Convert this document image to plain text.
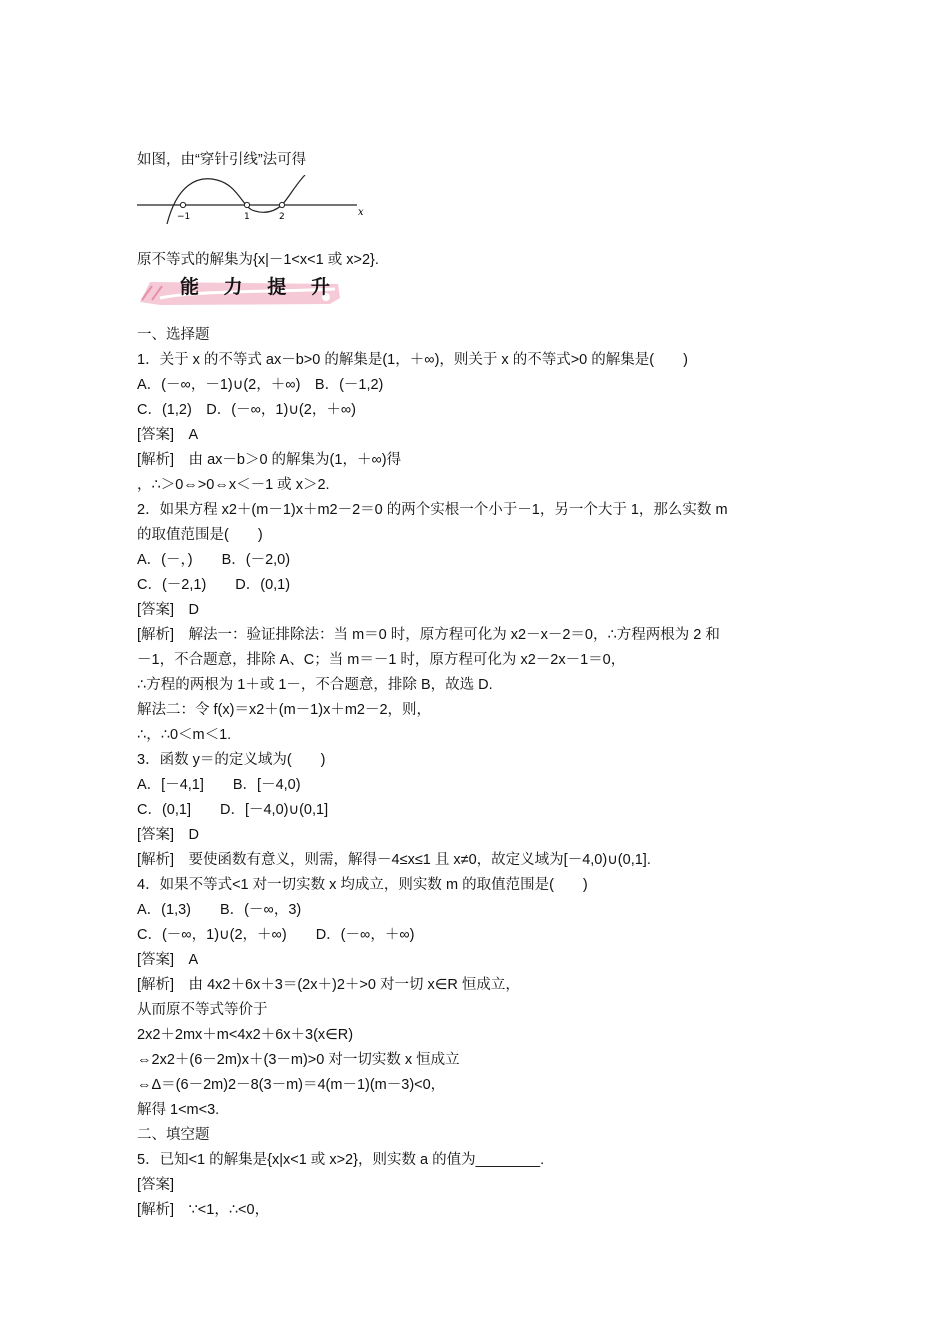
如图，由“穿针引线”法可得
−1	1	2	x
原不等式的解集为{x|－1<x<1 或 x>2}.
能 力 提 升
一、选择题
1．关于 x 的不等式 ax－b>0 的解集是(1，＋∞)，则关于 x 的不等式>0 的解集是(　　)
A．(－∞，－1)∪(2，＋∞)　B．(－1,2)
C．(1,2)　D．(－∞，1)∪(2，＋∞)
[答案]　A
[解析]　由 ax－b＞0 的解集为(1，＋∞)得
，∴＞0⇔>0⇔x＜－1 或 x＞2.
2．如果方程 x2＋(m－1)x＋m2－2＝0 的两个实根一个小于－1，另一个大于 1，那么实数 m
的取值范围是(　　)
A．(－，)　　B．(－2,0)
C．(－2,1)　　D．(0,1)
[答案]　D
[解析]　解法一：验证排除法：当 m＝0 时，原方程可化为 x2－x－2＝0，∴方程两根为 2 和
－1，不合题意，排除 A、C；当 m＝－1 时，原方程可化为 x2－2x－1＝0，
∴方程的两根为 1＋或 1－，不合题意，排除 B，故选 D.
解法二：令 f(x)＝x2＋(m－1)x＋m2－2，则，
∴，∴0＜m＜1.
3．函数 y＝的定义域为(　　)
A．[－4,1]　　B．[－4,0)
C．(0,1]　　D．[－4,0)∪(0,1]
[答案]　D
[解析]　要使函数有意义，则需，解得－4≤x≤1 且 x≠0，故定义域为[－4,0)∪(0,1].
4．如果不等式<1 对一切实数 x 均成立，则实数 m 的取值范围是(　　)
A．(1,3)　　B．(－∞，3)
C．(－∞，1)∪(2，＋∞)　　D．(－∞，＋∞)
[答案]　A
[解析]　由 4x2＋6x＋3＝(2x＋)2＋>0 对一切 x∈R 恒成立，
从而原不等式等价于
2x2＋2mx＋m<4x2＋6x＋3(x∈R)
⇔2x2＋(6－2m)x＋(3－m)>0 对一切实数 x 恒成立
⇔Δ＝(6－2m)2－8(3－m)＝4(m－1)(m－3)<0，
解得 1<m<3.
二、填空题
5．已知<1 的解集是{x|x<1 或 x>2}，则实数 a 的值为________.
[答案]
[解析]　∵<1，∴<0，
